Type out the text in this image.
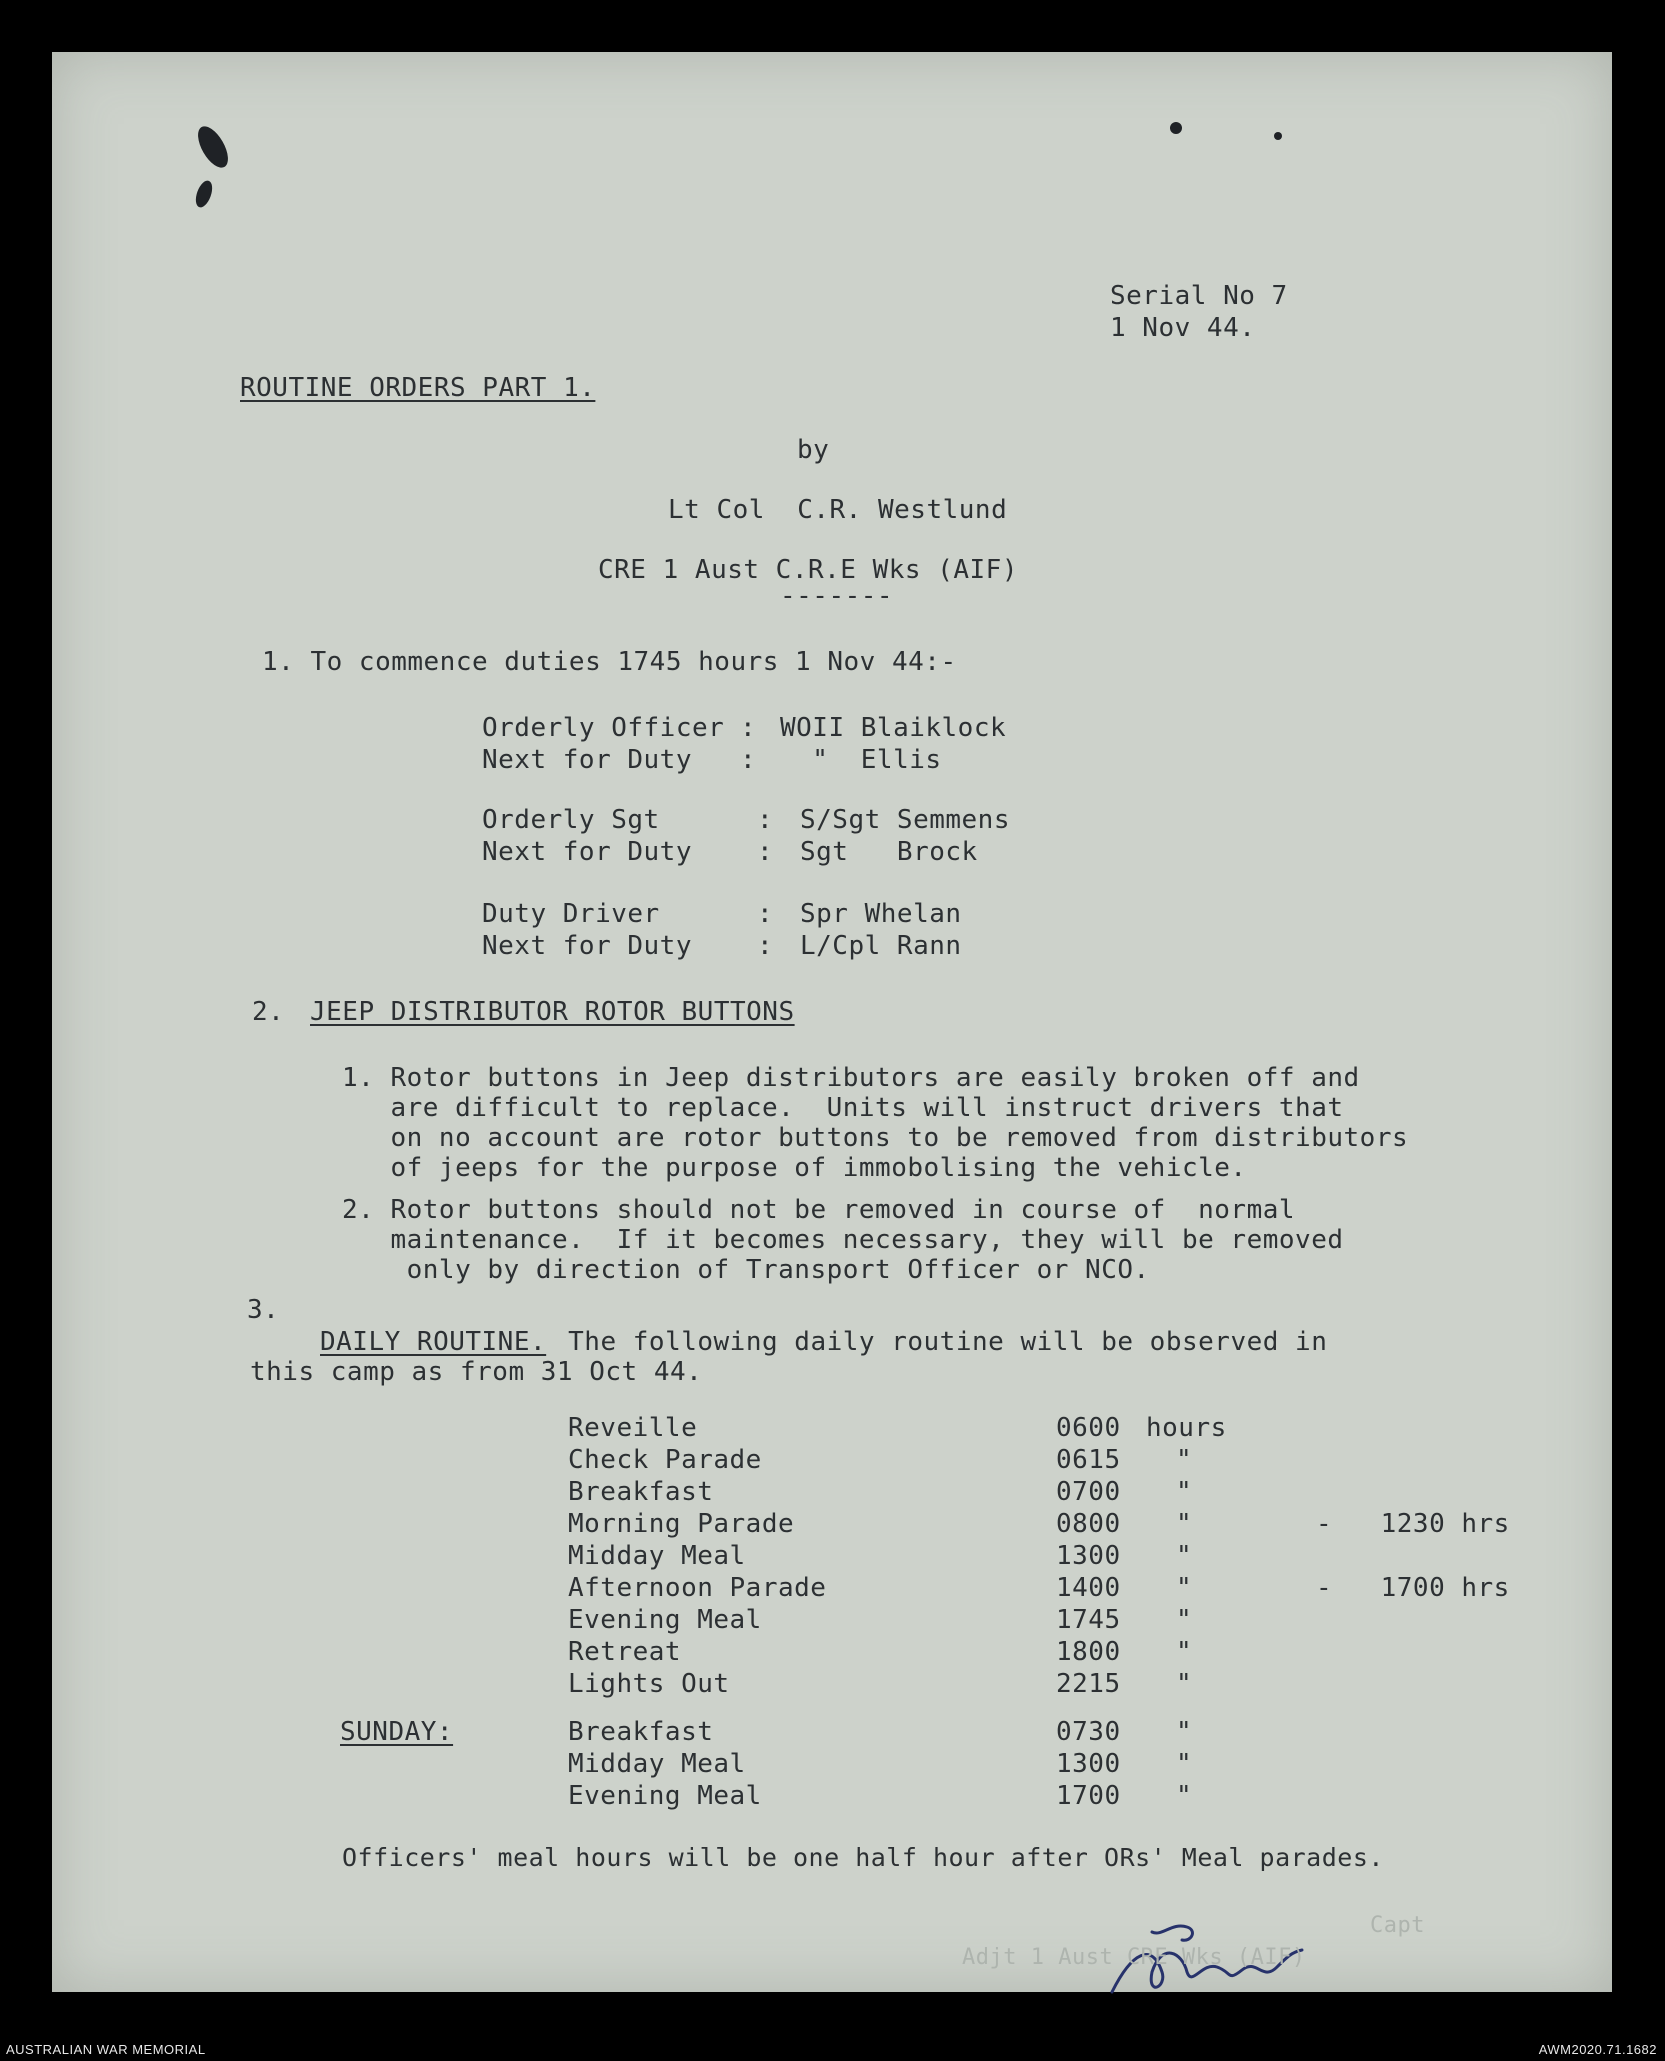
Serial No 7
1 Nov 44.
ROUTINE ORDERS PART 1.
by
Lt Col  C.R. Westlund
CRE 1 Aust C.R.E Wks (AIF)
-------
1. To commence duties 1745 hours 1 Nov 44:-
Orderly Officer : WOII Blaiklock
Next for Duty : "  Ellis
Orderly Sgt	: S/Sgt Semmens
Next for Duty	: Sgt   Brock
Duty Driver	: Spr Whelan
Next for Duty	: L/Cpl Rann
2. JEEP DISTRIBUTOR ROTOR BUTTONS
1. Rotor buttons in Jeep distributors are easily broken off and
are difficult to replace.  Units will instruct drivers that
on no account are rotor buttons to be removed from distributors
of jeeps for the purpose of immobolising the vehicle.
2. Rotor buttons should not be removed in course of  normal
maintenance.  If it becomes necessary, they will be removed
only by direction of Transport Officer or NCO.
3.
DAILY ROUTINE. The following daily routine will be observed in
this camp as from 31 Oct 44.
Reveille	0600 hours
Check Parade	0615 "
Breakfast	0700 "
Morning Parade	0800 "	-   1230 hrs
Midday Meal	1300 "
Afternoon Parade	1400 "	-   1700 hrs
Evening Meal	1745 "
Retreat	1800 "
Lights Out	2215 "
SUNDAY:	Breakfast	0730 "
Midday Meal	1300 "
Evening Meal	1700 "
Officers' meal hours will be one half hour after ORs' Meal parades.
Capt
Adjt 1 Aust CRE Wks (AIF)
AUSTRALIAN WAR MEMORIAL	AWM2020.71.1682
